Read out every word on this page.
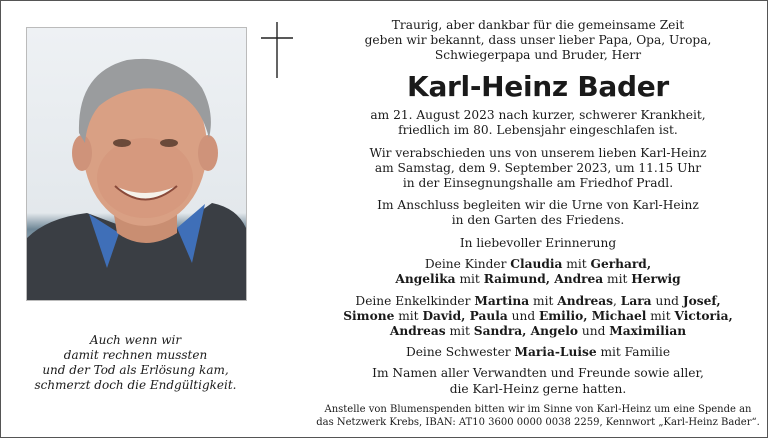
Auch wenn wir
damit rechnen mussten
und der Tod als Erlösung kam,
schmerzt doch die Endgültigkeit.
Traurig, aber dankbar für die gemeinsame Zeit
geben wir bekannt, dass unser lieber Papa, Opa, Uropa,
Schwiegerpapa und Bruder, Herr
Karl-Heinz Bader
am 21. August 2023 nach kurzer, schwerer Krankheit,
friedlich im 80. Lebensjahr eingeschlafen ist.
Wir verabschieden uns von unserem lieben Karl-Heinz
am Samstag, dem 9. September 2023, um 11.15 Uhr
in der Einsegnungshalle am Friedhof Pradl.
Im Anschluss begleiten wir die Urne von Karl-Heinz
in den Garten des Friedens.
In liebevoller Erinnerung
Deine Kinder Claudia mit Gerhard,
Angelika mit Raimund, Andrea mit Herwig
Deine Enkelkinder Martina mit Andreas, Lara und Josef,
Simone mit David, Paula und Emilio, Michael mit Victoria,
Andreas mit Sandra, Angelo und Maximilian
Deine Schwester Maria-Luise mit Familie
Im Namen aller Verwandten und Freunde sowie aller,
die Karl-Heinz gerne hatten.
Anstelle von Blumenspenden bitten wir im Sinne von Karl-Heinz um eine Spende an
das Netzwerk Krebs, IBAN: AT10 3600 0000 0038 2259, Kennwort „Karl-Heinz Bader“.
